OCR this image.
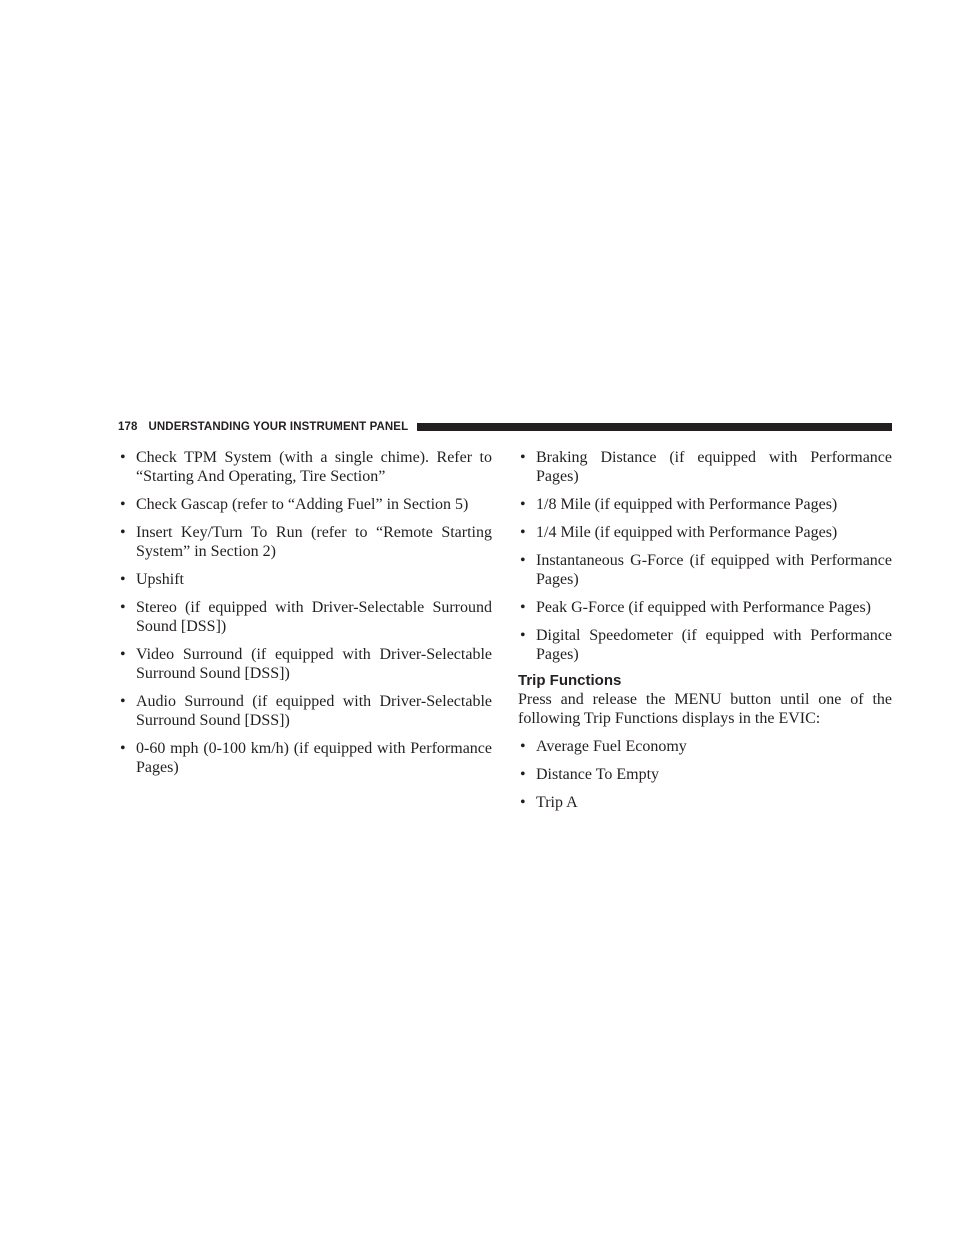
178 UNDERSTANDING YOUR INSTRUMENT PANEL
• Check TPM System (with a single chime). Refer to “Starting And Operating, Tire Section”
• Check Gascap (refer to “Adding Fuel” in Section 5)
• Insert Key/Turn To Run (refer to “Remote Starting System” in Section 2)
• Upshift
• Stereo (if equipped with Driver-Selectable Surround Sound [DSS])
• Video Surround (if equipped with Driver-Selectable Surround Sound [DSS])
• Audio Surround (if equipped with Driver-Selectable Surround Sound [DSS])
• 0-60 mph (0-100 km/h) (if equipped with Performance Pages)
• Braking Distance (if equipped with Performance Pages)
• 1/8 Mile (if equipped with Performance Pages)
• 1/4 Mile (if equipped with Performance Pages)
• Instantaneous G-Force (if equipped with Performance Pages)
• Peak G-Force (if equipped with Performance Pages)
• Digital Speedometer (if equipped with Performance Pages)
Trip Functions
Press and release the MENU button until one of the following Trip Functions displays in the EVIC:
• Average Fuel Economy
• Distance To Empty
• Trip A
